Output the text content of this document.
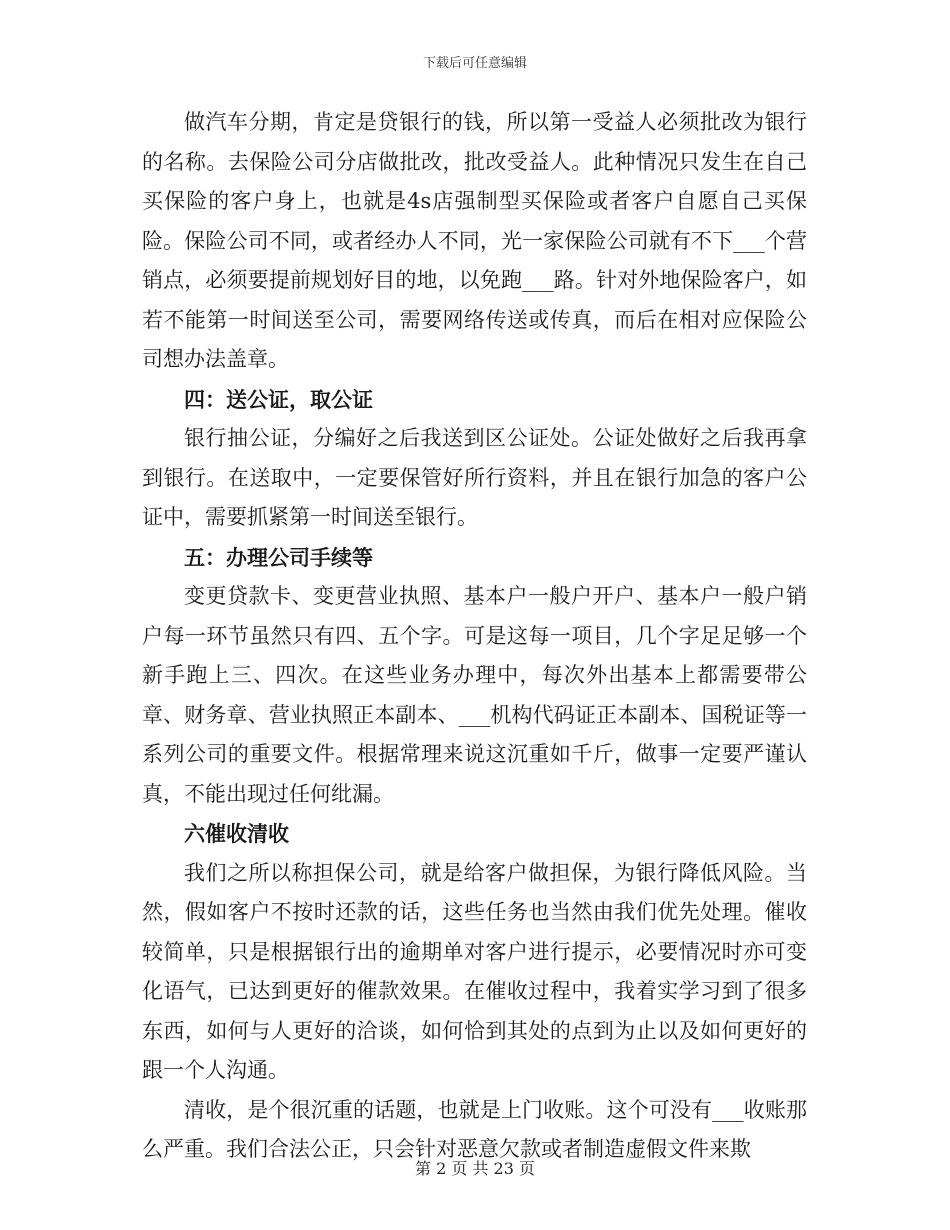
下载后可任意编辑

做汽车分期，肯定是贷银行的钱，所以第一受益人必须批改为银行的名称。去保险公司分店做批改，批改受益人。此种情况只发生在自己买保险的客户身上，也就是4s店强制型买保险或者客户自愿自己买保险。保险公司不同，或者经办人不同，光一家保险公司就有不下___个营销点，必须要提前规划好目的地，以免跑___路。针对外地保险客户，如若不能第一时间送至公司，需要网络传送或传真，而后在相对应保险公司想办法盖章。

四：送公证，取公证

银行抽公证，分编好之后我送到区公证处。公证处做好之后我再拿到银行。在送取中，一定要保管好所行资料，并且在银行加急的客户公证中，需要抓紧第一时间送至银行。

五：办理公司手续等

变更贷款卡、变更营业执照、基本户一般户开户、基本户一般户销户每一环节虽然只有四、五个字。可是这每一项目，几个字足足够一个新手跑上三、四次。在这些业务办理中，每次外出基本上都需要带公章、财务章、营业执照正本副本、___机构代码证正本副本、国税证等一系列公司的重要文件。根据常理来说这沉重如千斤，做事一定要严谨认真，不能出现过任何纰漏。

六催收清收

我们之所以称担保公司，就是给客户做担保，为银行降低风险。当然，假如客户不按时还款的话，这些任务也当然由我们优先处理。催收较简单，只是根据银行出的逾期单对客户进行提示，必要情况时亦可变化语气，已达到更好的催款效果。在催收过程中，我着实学习到了很多东西，如何与人更好的洽谈，如何恰到其处的点到为止以及如何更好的跟一个人沟通。

清收，是个很沉重的话题，也就是上门收账。这个可没有___收账那么严重。我们合法公正，只会针对恶意欠款或者制造虚假文件来欺

第 2 页 共 23 页
